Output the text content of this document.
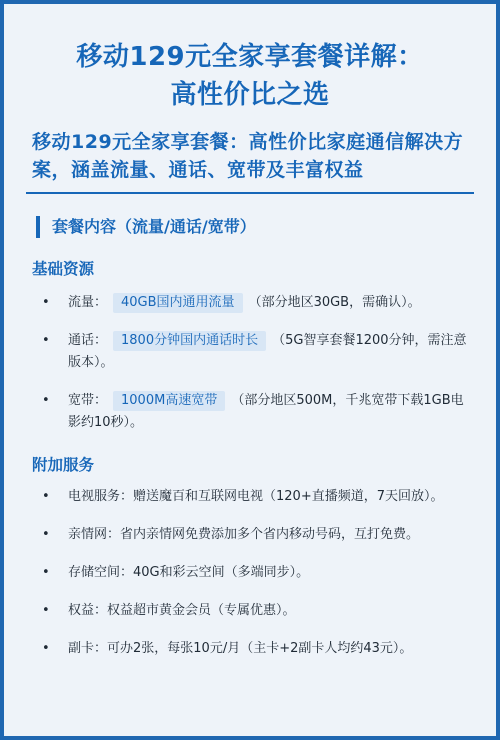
移动129元全家享套餐详解：
高性价比之选
移动129元全家享套餐：高性价比家庭通信解决方案，涵盖流量、通话、宽带及丰富权益
套餐内容（流量/通话/宽带）
基础资源
• 流量： 40GB国内通用流量 （部分地区30GB，需确认）。
• 通话： 1800分钟国内通话时长 （5G智享套餐1200分钟，需注意版本）。
• 宽带： 1000M高速宽带 （部分地区500M，千兆宽带下载1GB电影约10秒）。
附加服务
• 电视服务：赠送魔百和互联网电视（120+直播频道，7天回放）。
• 亲情网：省内亲情网免费添加多个省内移动号码，互打免费。
• 存储空间：40G和彩云空间（多端同步）。
• 权益：权益超市黄金会员（专属优惠）。
• 副卡：可办2张，每张10元/月（主卡+2副卡人均约43元）。
